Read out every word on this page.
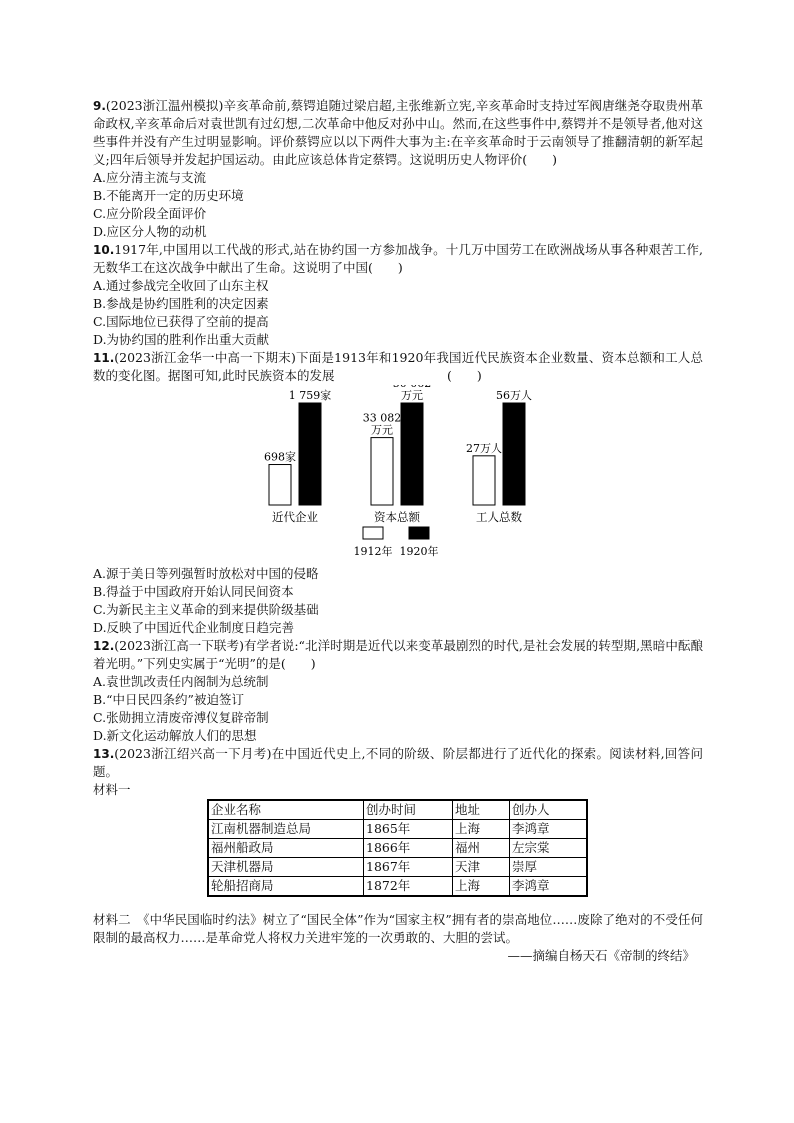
9.(2023浙江温州模拟)辛亥革命前,蔡锷追随过梁启超,主张维新立宪,辛亥革命时支持过军阀唐继尧夺取贵州革命政权,辛亥革命后对袁世凯有过幻想,二次革命中他反对孙中山。然而,在这些事件中,蔡锷并不是领导者,他对这些事件并没有产生过明显影响。评价蔡锷应以以下两件大事为主:在辛亥革命时于云南领导了推翻清朝的新军起义;四年后领导并发起护国运动。由此应该总体肯定蔡锷。这说明历史人物评价(　　)
A.应分清主流与支流
B.不能离开一定的历史环境
C.应分阶段全面评价
D.应区分人物的动机
10.1917年,中国用以工代战的形式,站在协约国一方参加战争。十几万中国劳工在欧洲战场从事各种艰苦工作,无数华工在这次战争中献出了生命。这说明了中国(　　)
A.通过参战完全收回了山东主权
B.参战是协约国胜利的决定因素
C.国际地位已获得了空前的提高
D.为协约国的胜利作出重大贡献
11.(2023浙江金华一中高一下期末)下面是1913年和1920年我国近代民族资本企业数量、资本总额和工人总数的变化图。据图可知,此时民族资本的发展　　　　　　　　　(　　)
698家
1 759家
近代企业
33 082
万元
万元
资本总额
27万人
56万人
工人总数
1912年 1920年
A.源于美日等列强暂时放松对中国的侵略
B.得益于中国政府开始认同民间资本
C.为新民主主义革命的到来提供阶级基础
D.反映了中国近代企业制度日趋完善
12.(2023浙江高一下联考)有学者说:“北洋时期是近代以来变革最剧烈的时代,是社会发展的转型期,黑暗中酝酿着光明。”下列史实属于“光明”的是(　　)
A.袁世凯改责任内阁制为总统制
B.“中日民四条约”被迫签订
C.张勋拥立清废帝溥仪复辟帝制
D.新文化运动解放人们的思想
13.(2023浙江绍兴高一下月考)在中国近代史上,不同的阶级、阶层都进行了近代化的探索。阅读材料,回答问题。
材料一
企业名称	创办时间	地址	创办人
江南机器制造总局	1865年	上海	李鸿章
福州船政局	1866年	福州	左宗棠
天津机器局	1867年	天津	崇厚
轮船招商局	1872年	上海	李鸿章
材料二　《中华民国临时约法》树立了“国民全体”作为“国家主权”拥有者的崇高地位……废除了绝对的不受任何限制的最高权力……是革命党人将权力关进牢笼的一次勇敢的、大胆的尝试。
——摘编自杨天石《帝制的终结》
